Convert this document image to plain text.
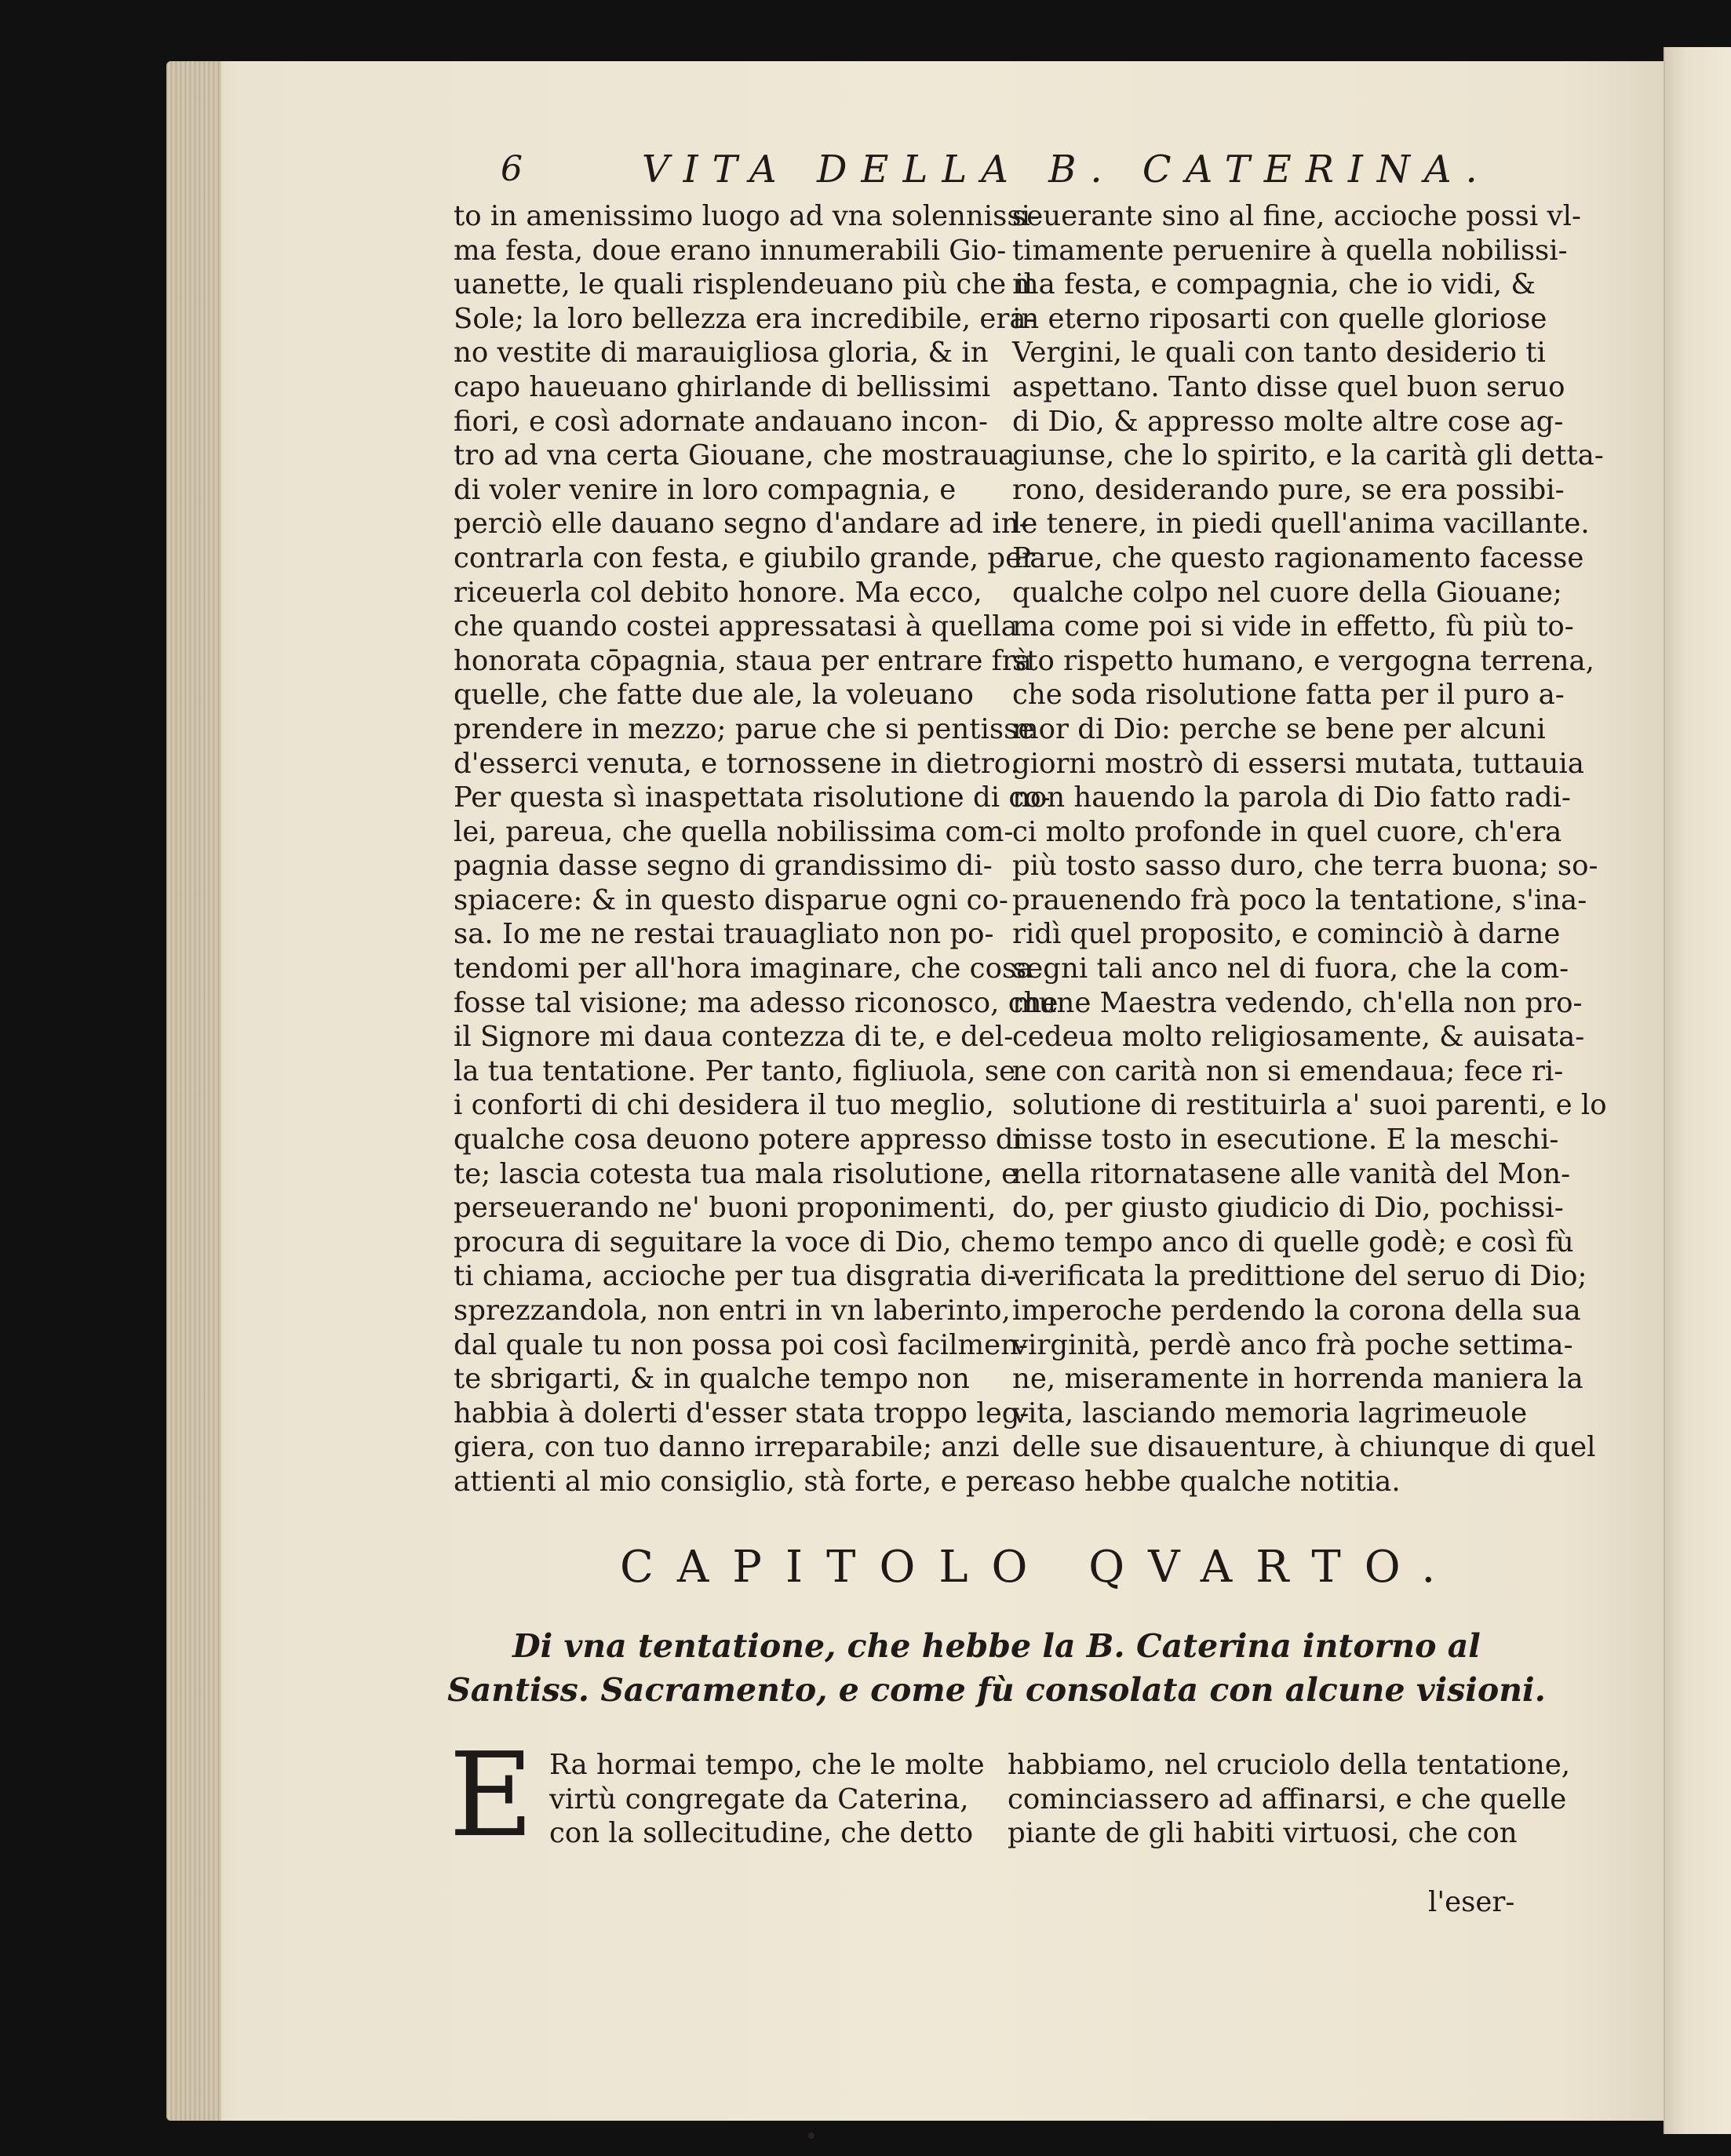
6	VITA DELLA B. CATERINA.
to in amenissimo luogo ad vna solennissi-
ma festa, doue erano innumerabili Gio-
uanette, le quali risplendeuano più che il
Sole; la loro bellezza era incredibile, era-
no vestite di marauigliosa gloria, & in
capo haueuano ghirlande di bellissimi
fiori, e così adornate andauano incon-
tro ad vna certa Giouane, che mostraua
di voler venire in loro compagnia, e
perciò elle dauano segno d'andare ad in-
contrarla con festa, e giubilo grande, per
riceuerla col debito honore. Ma ecco,
che quando costei appressatasi à quella
honorata cōpagnia, staua per entrare frà
quelle, che fatte due ale, la voleuano
prendere in mezzo; parue che si pentisse
d'esserci venuta, e tornossene in dietro.
Per questa sì inaspettata risolutione di co-
lei, pareua, che quella nobilissima com-
pagnia dasse segno di grandissimo di-
spiacere: & in questo disparue ogni co-
sa. Io me ne restai trauagliato non po-
tendomi per all'hora imaginare, che cosa
fosse tal visione; ma adesso riconosco, che
il Signore mi daua contezza di te, e del-
la tua tentatione. Per tanto, figliuola, se
i conforti di chi desidera il tuo meglio,
qualche cosa deuono potere appresso di
te; lascia cotesta tua mala risolutione, e
perseuerando ne' buoni proponimenti,
procura di seguitare la voce di Dio, che
ti chiama, accioche per tua disgratia di-
sprezzandola, non entri in vn laberinto,
dal quale tu non possa poi così facilmen-
te sbrigarti, & in qualche tempo non
habbia à dolerti d'esser stata troppo leg-
giera, con tuo danno irreparabile; anzi
attienti al mio consiglio, stà forte, e per-
seuerante sino al fine, accioche possi vl-
timamente peruenire à quella nobilissi-
ma festa, e compagnia, che io vidi, &
in eterno riposarti con quelle gloriose
Vergini, le quali con tanto desiderio ti
aspettano. Tanto disse quel buon seruo
di Dio, & appresso molte altre cose ag-
giunse, che lo spirito, e la carità gli detta-
rono, desiderando pure, se era possibi-
le tenere, in piedi quell'anima vacillante.
Parue, che questo ragionamento facesse
qualche colpo nel cuore della Giouane;
ma come poi si vide in effetto, fù più to-
sto rispetto humano, e vergogna terrena,
che soda risolutione fatta per il puro a-
mor di Dio: perche se bene per alcuni
giorni mostrò di essersi mutata, tuttauia
non hauendo la parola di Dio fatto radi-
ci molto profonde in quel cuore, ch'era
più tosto sasso duro, che terra buona; so-
prauenendo frà poco la tentatione, s'ina-
ridì quel proposito, e cominciò à darne
segni tali anco nel di fuora, che la com-
mune Maestra vedendo, ch'ella non pro-
cedeua molto religiosamente, & auisata-
ne con carità non si emendaua; fece ri-
solutione di restituirla a' suoi parenti, e lo
misse tosto in esecutione. E la meschi-
nella ritornatasene alle vanità del Mon-
do, per giusto giudicio di Dio, pochissi-
mo tempo anco di quelle godè; e così fù
verificata la predittione del seruo di Dio;
imperoche perdendo la corona della sua
virginità, perdè anco frà poche settima-
ne, miseramente in horrenda maniera la
vita, lasciando memoria lagrimeuole
delle sue disauenture, à chiunque di quel
caso hebbe qualche notitia.
CAPITOLO QVARTO.
Di vna tentatione, che hebbe la B. Caterina intorno al Santiss. Sacramento, e come fù consolata con alcune visioni.
E Ra hormai tempo, che le molte
virtù congregate da Caterina,
con la sollecitudine, che detto
habbiamo, nel cruciolo della tentatione,
cominciassero ad affinarsi, e che quelle
piante de gli habiti virtuosi, che con
l'eser-
